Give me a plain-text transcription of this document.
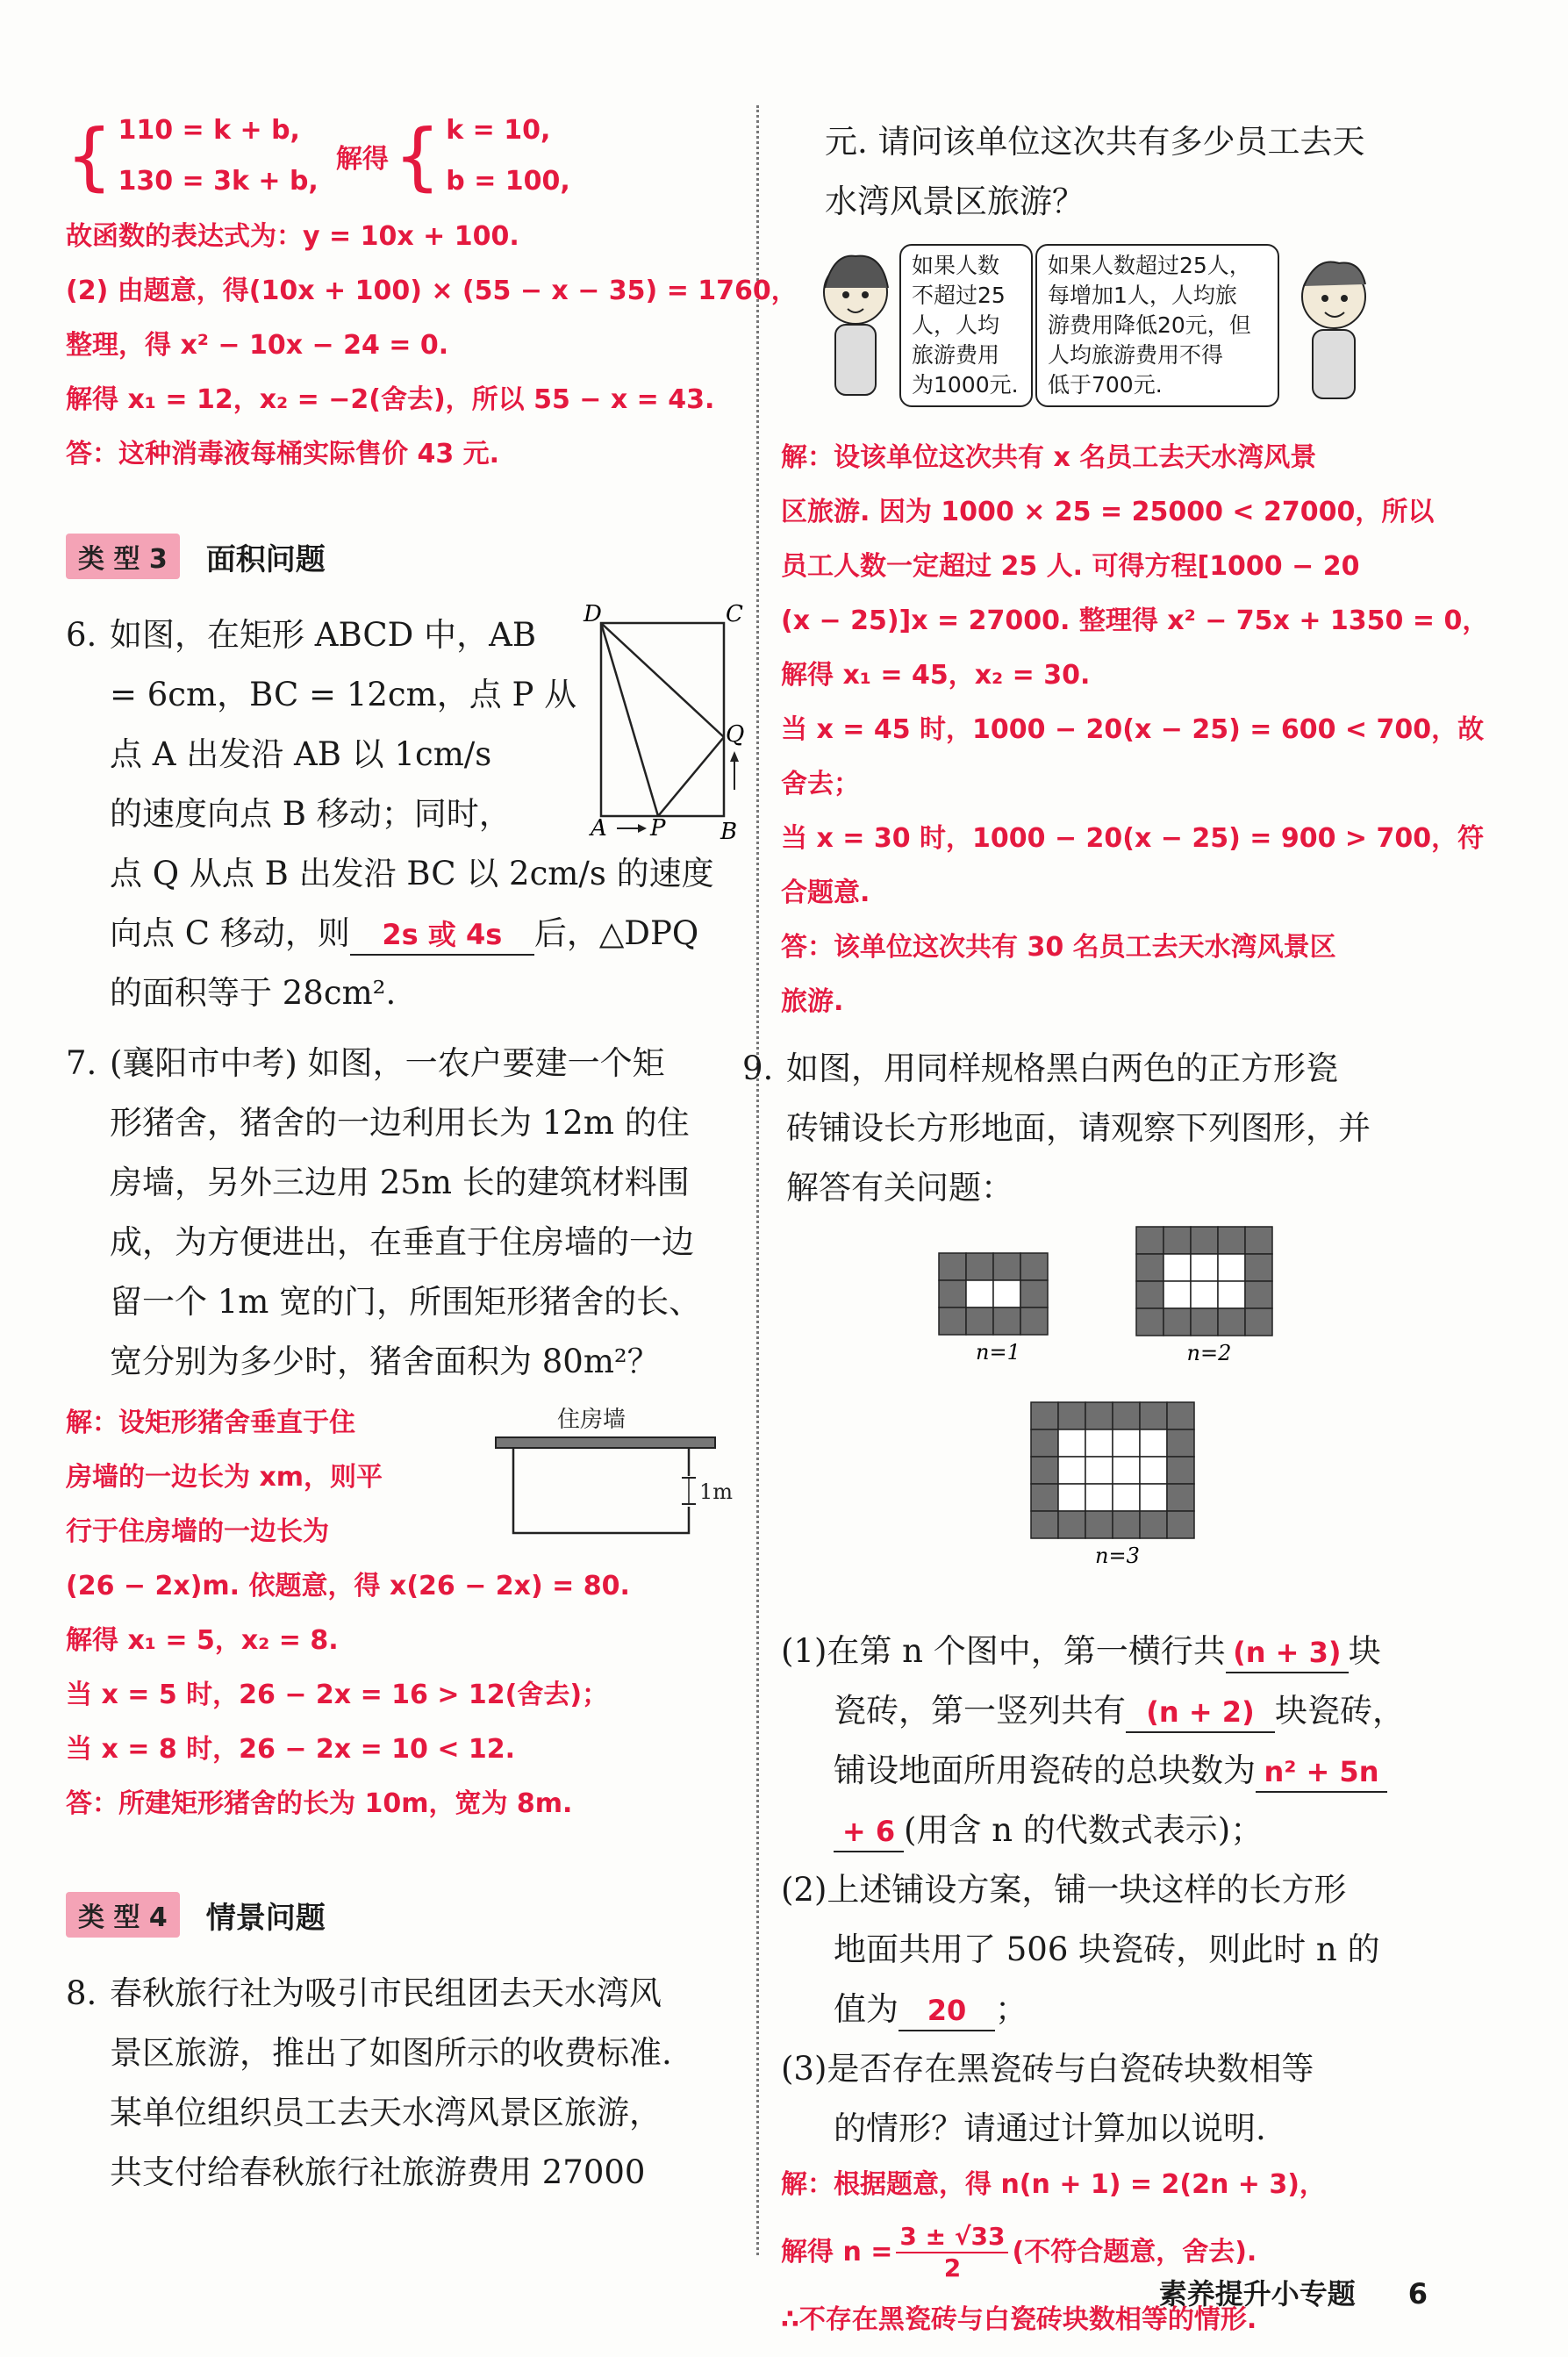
{ 110 = k + b,
130 = 3k + b,
解得 { k = 10,
b = 100,
故函数的表达式为：y = 10x + 100.
(2) 由题意，得(10x + 100) × (55 − x − 35) = 1760，
整理，得 x² − 10x − 24 = 0.
解得 x₁ = 12，x₂ = −2(舍去)，所以 55 − x = 43.
答：这种消毒液每桶实际售价 43 元.
类 型 3	面积问题
D	C
Q
A P B

6. 如图，在矩形 ABCD 中，AB

= 6cm，BC = 12cm，点 P 从

点 A 出发沿 AB 以 1cm/s

的速度向点 B 移动；同时，

点 Q 从点 B 出发沿 BC 以 2cm/s 的速度

向点 C 移动，则 2s 或 4s 后，△DPQ

的面积等于 28cm².

7. (襄阳市中考) 如图，一农户要建一个矩

形猪舍，猪舍的一边利用长为 12m 的住

房墙，另外三边用 25m 长的建筑材料围

成，为方便进出，在垂直于住房墙的一边

留一个 1m 宽的门，所围矩形猪舍的长、

宽分别为多少时，猪舍面积为 80m²？

住房墙
1m
解：设矩形猪舍垂直于住
房墙的一边长为 xm，则平
行于住房墙的一边长为
(26 − 2x)m. 依题意，得 x(26 − 2x) = 80.
解得 x₁ = 5，x₂ = 8.
当 x = 5 时，26 − 2x = 16 > 12(舍去)；
当 x = 8 时，26 − 2x = 10 < 12.
答：所建矩形猪舍的长为 10m，宽为 8m.
类 型 4	情景问题

8. 春秋旅行社为吸引市民组团去天水湾风

景区旅游，推出了如图所示的收费标准.

某单位组织员工去天水湾风景区旅游，

共支付给春秋旅行社旅游费用 27000

元. 请问该单位这次共有多少员工去天

水湾风景区旅游？

如果人数
不超过25
人，人均
旅游费用
为1000元.
如果人数超过25人，
每增加1人，人均旅
游费用降低20元，但
人均旅游费用不得
低于700元.
解：设该单位这次共有 x 名员工去天水湾风景
区旅游. 因为 1000 × 25 = 25000 < 27000，所以
员工人数一定超过 25 人. 可得方程[1000 − 20
(x − 25)]x = 27000. 整理得 x² − 75x + 1350 = 0，
解得 x₁ = 45，x₂ = 30.
当 x = 45 时，1000 − 20(x − 25) = 600 < 700，故
舍去；
当 x = 30 时，1000 − 20(x − 25) = 900 > 700，符
合题意.
答：该单位这次共有 30 名员工去天水湾风景区
旅游.

9. 如图，用同样规格黑白两色的正方形瓷

砖铺设长方形地面，请观察下列图形，并

解答有关问题：

n=1	n=2
n=3

(1)在第 n 个图中，第一横行共 (n + 3) 块

瓷砖，第一竖列共有 (n + 2) 块瓷砖，

铺设地面所用瓷砖的总块数为 n² + 5n

+ 6 (用含 n 的代数式表示)；

(2)上述铺设方案，铺一块这样的长方形

地面共用了 506 块瓷砖，则此时 n 的

值为 20 ；

(3)是否存在黑瓷砖与白瓷砖块数相等

的情形？请通过计算加以说明.

解：根据题意，得 n(n + 1) = 2(2n + 3)，
解得 $n = \frac{3 \pm √33}{2}$ (不符合题意，舍去).
∴不存在黑瓷砖与白瓷砖块数相等的情形.
素养提升小专题 6
